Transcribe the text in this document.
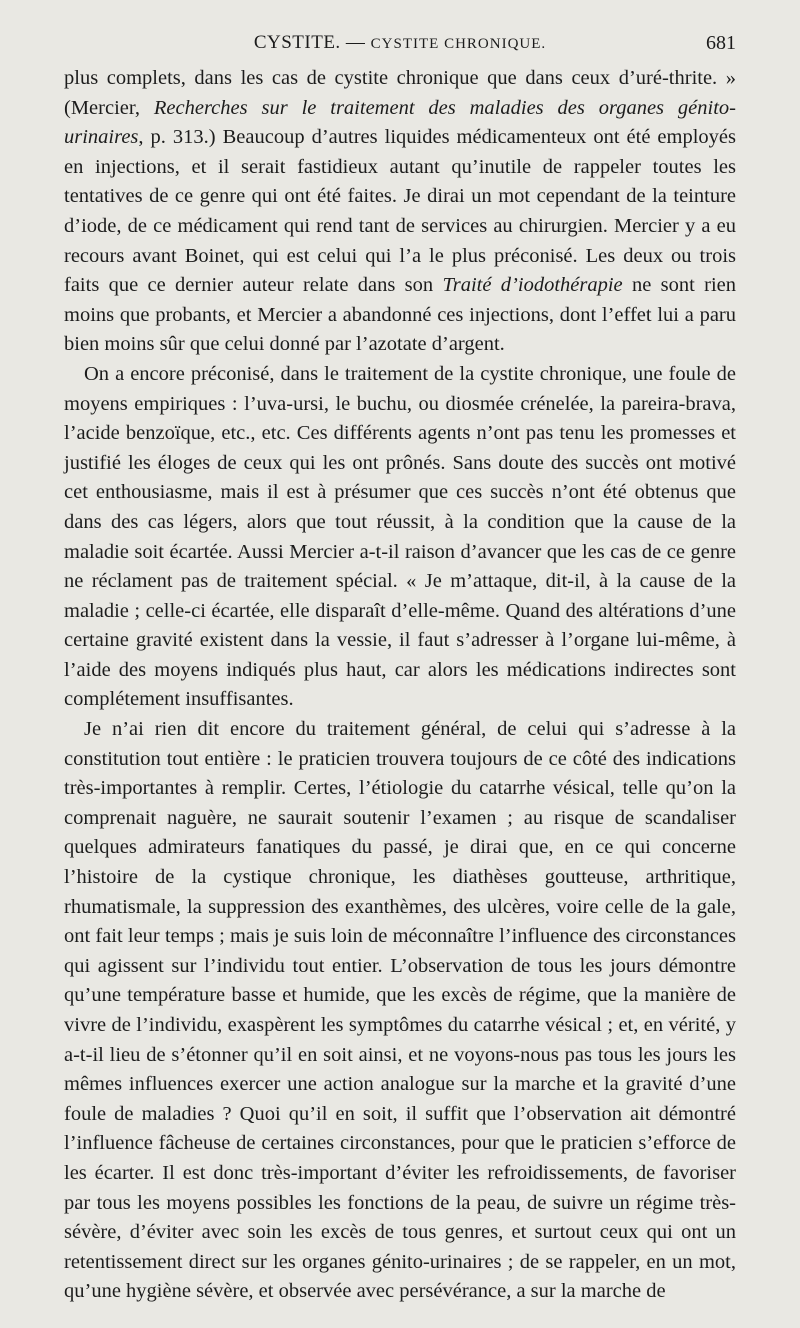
CYSTITE. — CYSTITE CHRONIQUE.	681

plus complets, dans les cas de cystite chronique que dans ceux d’uré-thrite. » (Mercier, Recherches sur le traitement des maladies des organes génito-urinaires, p. 313.) Beaucoup d’autres liquides médicamenteux ont été employés en injections, et il serait fastidieux autant qu’inutile de rappeler toutes les tentatives de ce genre qui ont été faites. Je dirai un mot cependant de la teinture d’iode, de ce médicament qui rend tant de services au chirurgien. Mercier y a eu recours avant Boinet, qui est celui qui l’a le plus préconisé. Les deux ou trois faits que ce dernier auteur relate dans son Traité d’iodothérapie ne sont rien moins que probants, et Mercier a abandonné ces injections, dont l’effet lui a paru bien moins sûr que celui donné par l’azotate d’argent.

On a encore préconisé, dans le traitement de la cystite chronique, une foule de moyens empiriques : l’uva-ursi, le buchu, ou diosmée crénelée, la pareira-brava, l’acide benzoïque, etc., etc. Ces différents agents n’ont pas tenu les promesses et justifié les éloges de ceux qui les ont prônés. Sans doute des succès ont motivé cet enthousiasme, mais il est à présumer que ces succès n’ont été obtenus que dans des cas légers, alors que tout réussit, à la condition que la cause de la maladie soit écartée. Aussi Mercier a-t-il raison d’avancer que les cas de ce genre ne réclament pas de traitement spécial. « Je m’attaque, dit-il, à la cause de la maladie ; celle-ci écartée, elle disparaît d’elle-même. Quand des altérations d’une certaine gravité existent dans la vessie, il faut s’adresser à l’organe lui-même, à l’aide des moyens indiqués plus haut, car alors les médications indirectes sont complétement insuffisantes.

Je n’ai rien dit encore du traitement général, de celui qui s’adresse à la constitution tout entière : le praticien trouvera toujours de ce côté des indications très-importantes à remplir. Certes, l’étiologie du catarrhe vésical, telle qu’on la comprenait naguère, ne saurait soutenir l’examen ; au risque de scandaliser quelques admirateurs fanatiques du passé, je dirai que, en ce qui concerne l’histoire de la cystique chronique, les diathèses goutteuse, arthritique, rhumatismale, la suppression des exanthèmes, des ulcères, voire celle de la gale, ont fait leur temps ; mais je suis loin de méconnaître l’influence des circonstances qui agissent sur l’individu tout entier. L’observation de tous les jours démontre qu’une température basse et humide, que les excès de régime, que la manière de vivre de l’individu, exaspèrent les symptômes du catarrhe vésical ; et, en vérité, y a-t-il lieu de s’étonner qu’il en soit ainsi, et ne voyons-nous pas tous les jours les mêmes influences exercer une action analogue sur la marche et la gravité d’une foule de maladies ? Quoi qu’il en soit, il suffit que l’observation ait démontré l’influence fâcheuse de certaines circonstances, pour que le praticien s’efforce de les écarter. Il est donc très-important d’éviter les refroidissements, de favoriser par tous les moyens possibles les fonctions de la peau, de suivre un régime très-sévère, d’éviter avec soin les excès de tous genres, et surtout ceux qui ont un retentissement direct sur les organes génito-urinaires ; de se rappeler, en un mot, qu’une hygiène sévère, et observée avec persévérance, a sur la marche de
